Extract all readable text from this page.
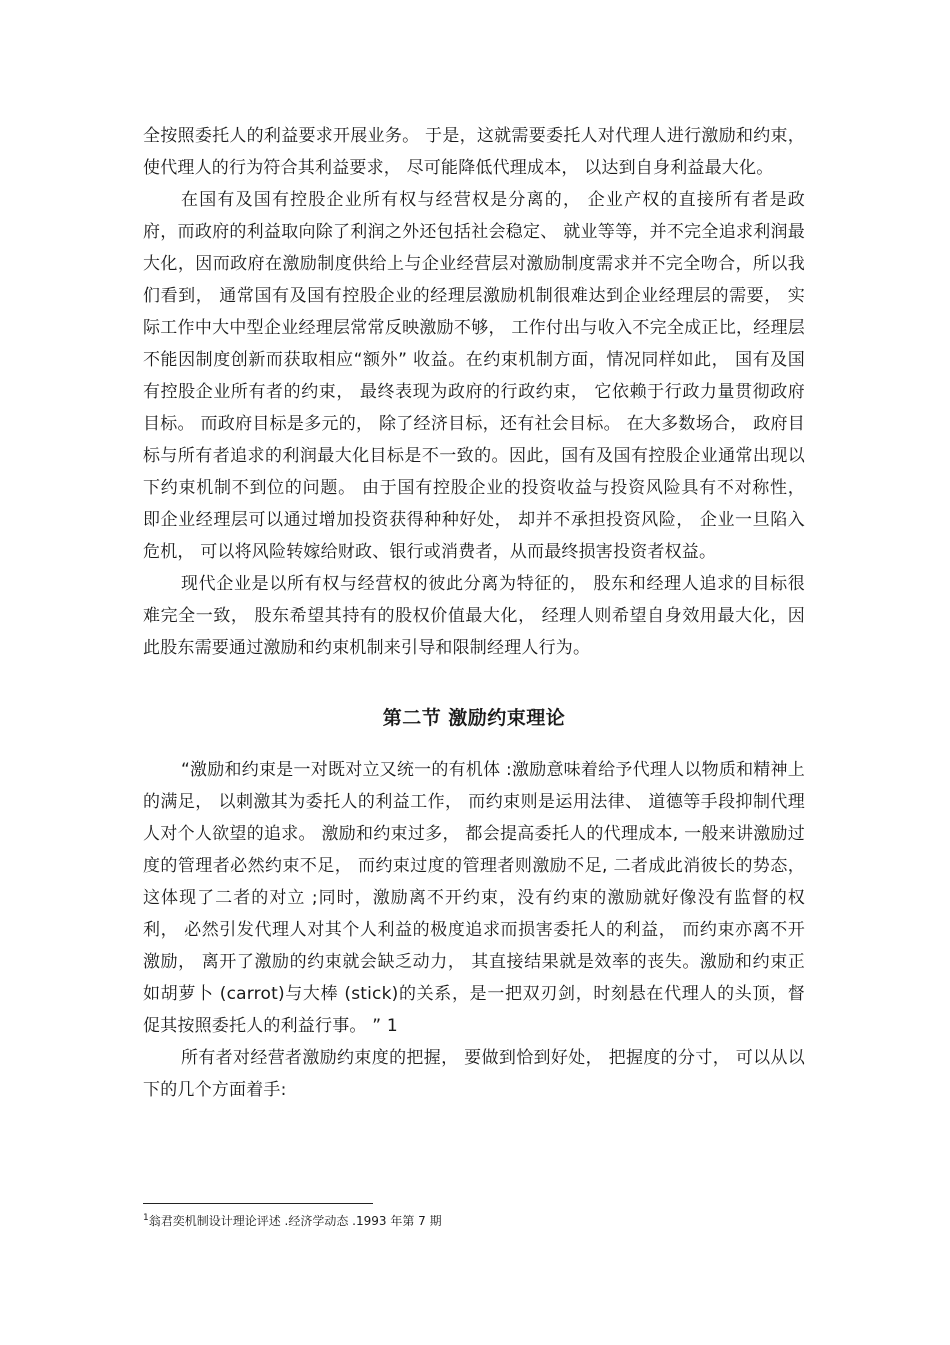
全按照委托人的利益要求开展业务。 于是，这就需要委托人对代理人进行激励和约束，使代理人的行为符合其利益要求， 尽可能降低代理成本， 以达到自身利益最大化。

在国有及国有控股企业所有权与经营权是分离的， 企业产权的直接所有者是政府，而政府的利益取向除了利润之外还包括社会稳定、 就业等等，并不完全追求利润最大化，因而政府在激励制度供给上与企业经营层对激励制度需求并不完全吻合，所以我们看到， 通常国有及国有控股企业的经理层激励机制很难达到企业经理层的需要， 实际工作中大中型企业经理层常常反映激励不够， 工作付出与收入不完全成正比，经理层不能因制度创新而获取相应“额外” 收益。在约束机制方面，情况同样如此， 国有及国有控股企业所有者的约束， 最终表现为政府的行政约束， 它依赖于行政力量贯彻政府目标。 而政府目标是多元的， 除了经济目标，还有社会目标。 在大多数场合， 政府目标与所有者追求的利润最大化目标是不一致的。因此，国有及国有控股企业通常出现以下约束机制不到位的问题。 由于国有控股企业的投资收益与投资风险具有不对称性， 即企业经理层可以通过增加投资获得种种好处， 却并不承担投资风险， 企业一旦陷入危机， 可以将风险转嫁给财政、银行或消费者，从而最终损害投资者权益。

现代企业是以所有权与经营权的彼此分离为特征的， 股东和经理人追求的目标很难完全一致， 股东希望其持有的股权价值最大化， 经理人则希望自身效用最大化，因此股东需要通过激励和约束机制来引导和限制经理人行为。

第二节 激励约束理论

“激励和约束是一对既对立又统一的有机体 :激励意味着给予代理人以物质和精神上的满足， 以刺激其为委托人的利益工作， 而约束则是运用法律、 道德等手段抑制代理人对个人欲望的追求。 激励和约束过多， 都会提高委托人的代理成本, 一般来讲激励过度的管理者必然约束不足， 而约束过度的管理者则激励不足, 二者成此消彼长的势态，这体现了二者的对立 ;同时，激励离不开约束，没有约束的激励就好像没有监督的权利， 必然引发代理人对其个人利益的极度追求而损害委托人的利益， 而约束亦离不开激励， 离开了激励的约束就会缺乏动力， 其直接结果就是效率的丧失。激励和约束正如胡萝卜 (carrot)与大棒 (stick)的关系，是一把双刃剑，时刻悬在代理人的头顶，督促其按照委托人的利益行事。 ” 1

所有者对经营者激励约束度的把握， 要做到恰到好处， 把握度的分寸， 可以从以下的几个方面着手:

$^1$翁君奕机制设计理论评述 .经济学动态 .1993 年第 7 期
